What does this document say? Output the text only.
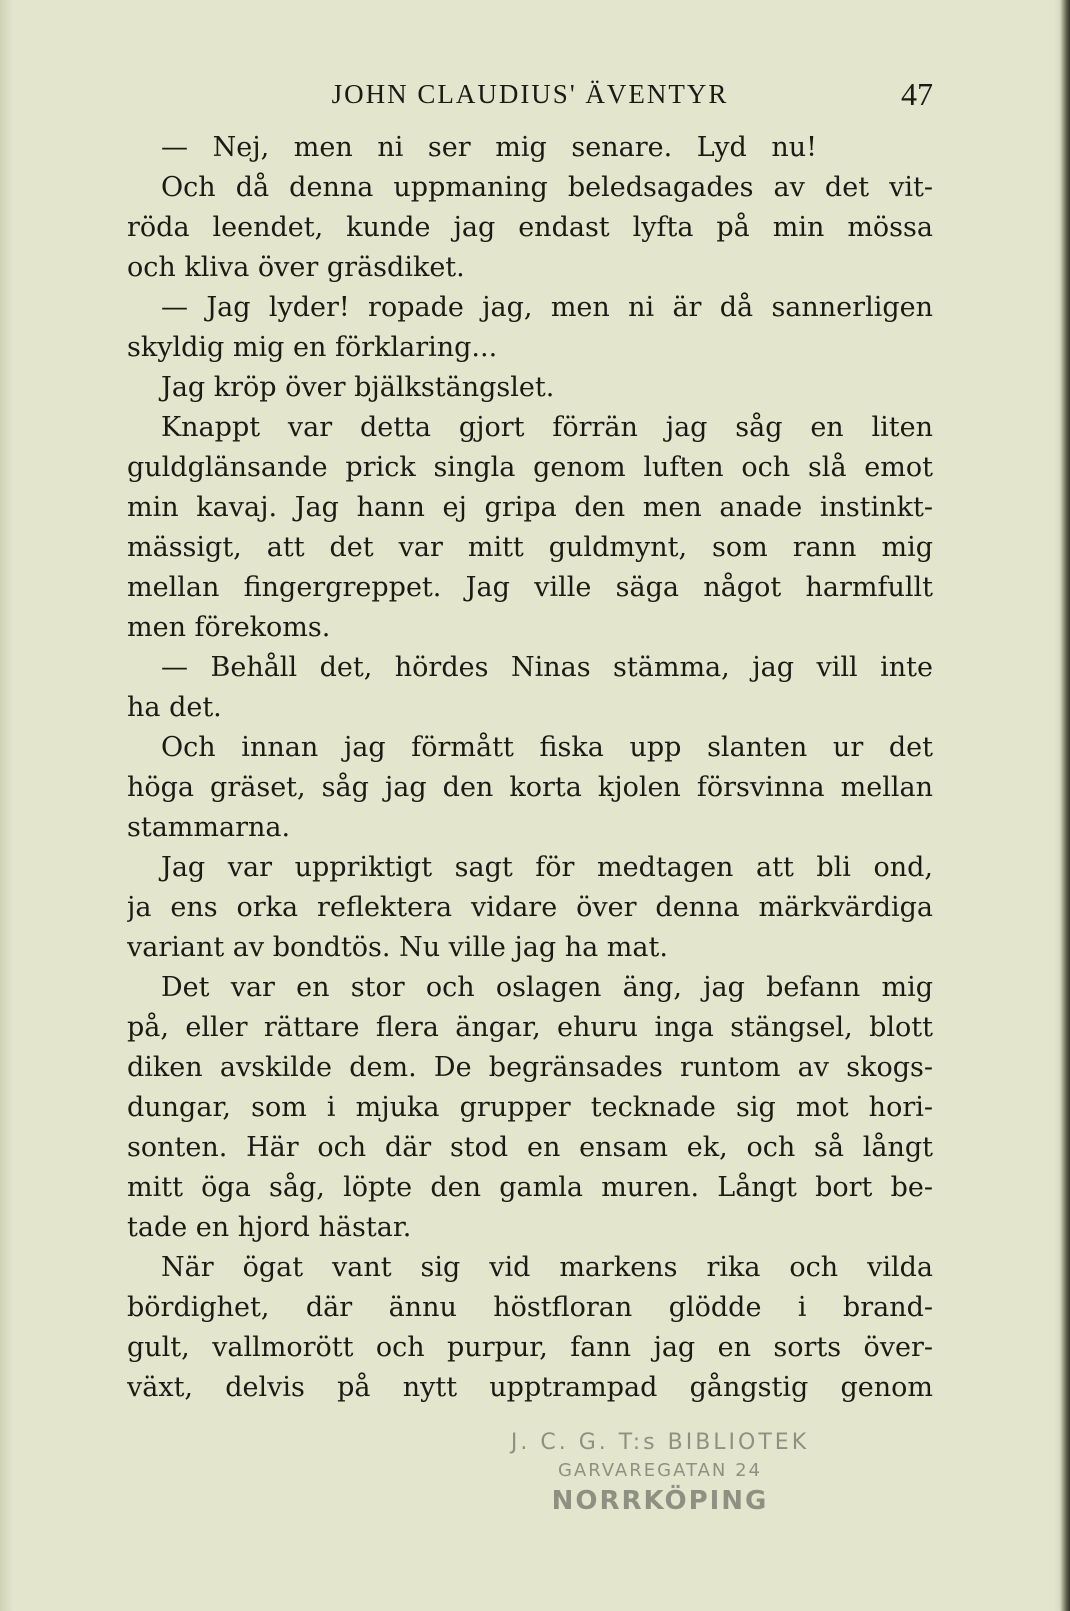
JOHN CLAUDIUS' ÄVENTYR	47
— Nej, men ni ser mig senare. Lyd nu!
Och då denna uppmaning beledsagades av det vit-
röda leendet, kunde jag endast lyfta på min mössa
och kliva över gräsdiket.
— Jag lyder! ropade jag, men ni är då sannerligen
skyldig mig en förklaring...
Jag kröp över bjälkstängslet.
Knappt var detta gjort förrän jag såg en liten
guldglänsande prick singla genom luften och slå emot
min kavaj. Jag hann ej gripa den men anade instinkt-
mässigt, att det var mitt guldmynt, som rann mig
mellan fingergreppet. Jag ville säga något harmfullt
men förekoms.
— Behåll det, hördes Ninas stämma, jag vill inte
ha det.
Och innan jag förmått fiska upp slanten ur det
höga gräset, såg jag den korta kjolen försvinna mellan
stammarna.
Jag var uppriktigt sagt för medtagen att bli ond,
ja ens orka reflektera vidare över denna märkvärdiga
variant av bondtös. Nu ville jag ha mat.
Det var en stor och oslagen äng, jag befann mig
på, eller rättare flera ängar, ehuru inga stängsel, blott
diken avskilde dem. De begränsades runtom av skogs-
dungar, som i mjuka grupper tecknade sig mot hori-
sonten. Här och där stod en ensam ek, och så långt
mitt öga såg, löpte den gamla muren. Långt bort be-
tade en hjord hästar.
När ögat vant sig vid markens rika och vilda
bördighet, där ännu höstfloran glödde i brand-
gult, vallmorött och purpur, fann jag en sorts över-
växt, delvis på nytt upptrampad gångstig genom
J. C. G. T:s BIBLIOTEK
GARVAREGATAN 24
NORRKÖPING
